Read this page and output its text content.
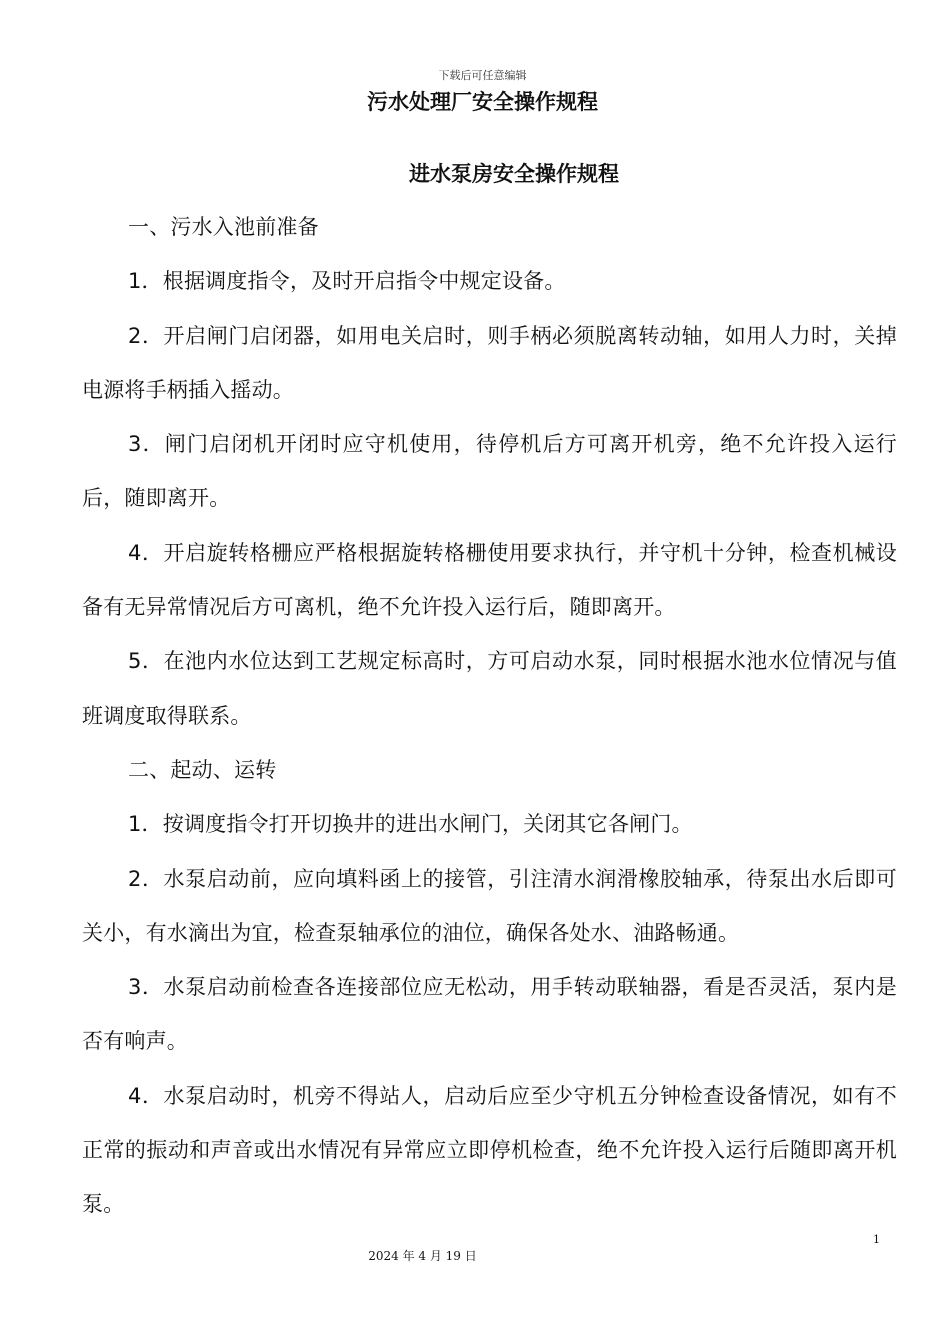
下载后可任意编辑
污水处理厂安全操作规程
进水泵房安全操作规程

一、污水入池前准备

1．根据调度指令，及时开启指令中规定设备。

2．开启闸门启闭器，如用电关启时，则手柄必须脱离转动轴，如用人力时，关掉电源将手柄插入摇动。

3．闸门启闭机开闭时应守机使用，待停机后方可离开机旁，绝不允许投入运行后，随即离开。

4．开启旋转格栅应严格根据旋转格栅使用要求执行，并守机十分钟，检查机械设备有无异常情况后方可离机，绝不允许投入运行后，随即离开。

5．在池内水位达到工艺规定标高时，方可启动水泵，同时根据水池水位情况与值班调度取得联系。

二、起动、运转

1．按调度指令打开切换井的进出水闸门，关闭其它各闸门。

2．水泵启动前，应向填料函上的接管，引注清水润滑橡胶轴承，待泵出水后即可关小，有水滴出为宜，检查泵轴承位的油位，确保各处水、油路畅通。

3．水泵启动前检查各连接部位应无松动，用手转动联轴器，看是否灵活，泵内是否有响声。

4．水泵启动时，机旁不得站人，启动后应至少守机五分钟检查设备情况，如有不正常的振动和声音或出水情况有异常应立即停机检查，绝不允许投入运行后随即离开机泵。

1
2024 年 4 月 19 日
